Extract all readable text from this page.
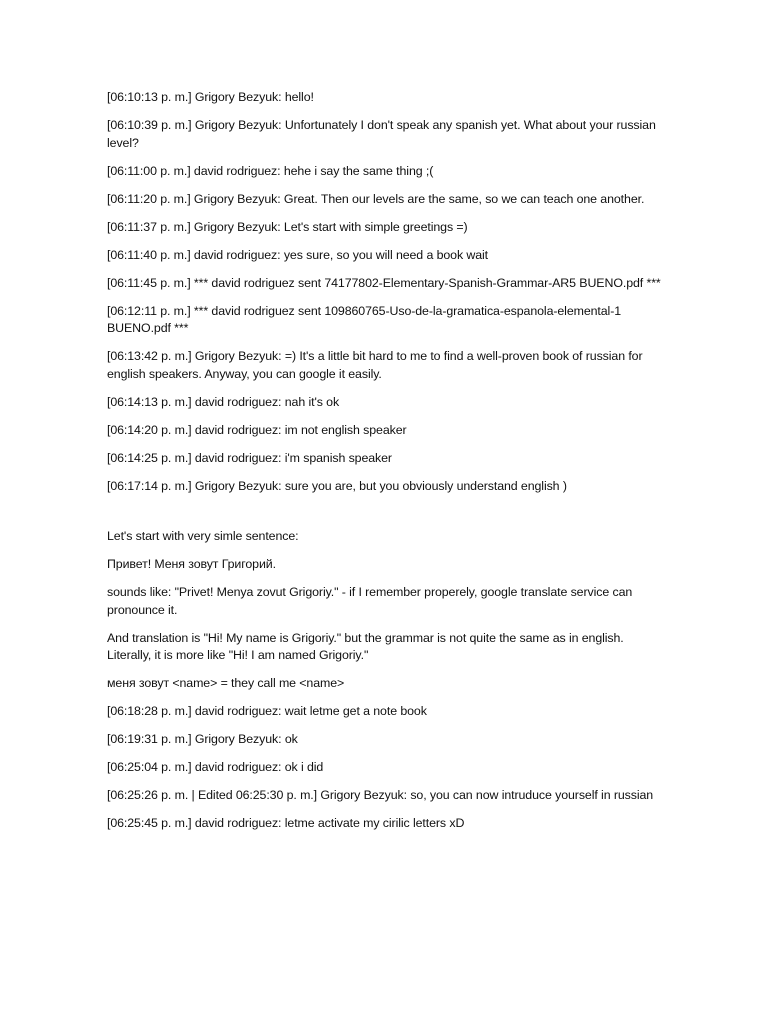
[06:10:13 p. m.] Grigory Bezyuk: hello!

[06:10:39 p. m.] Grigory Bezyuk: Unfortunately I don't speak any spanish yet. What about your russian level?

[06:11:00 p. m.] david rodriguez: hehe i say the same thing ;(

[06:11:20 p. m.] Grigory Bezyuk: Great. Then our levels are the same, so we can teach one another.

[06:11:37 p. m.] Grigory Bezyuk: Let's start with simple greetings =)

[06:11:40 p. m.] david rodriguez: yes sure, so you will need a book wait

[06:11:45 p. m.] *** david rodriguez sent 74177802-Elementary-Spanish-Grammar-AR5 BUENO.pdf ***

[06:12:11 p. m.] *** david rodriguez sent 109860765-Uso-de-la-gramatica-espanola-elemental-1 BUENO.pdf ***

[06:13:42 p. m.] Grigory Bezyuk: =) It's a little bit hard to me to find a well-proven book of russian for english speakers. Anyway, you can google it easily.

[06:14:13 p. m.] david rodriguez: nah it's ok

[06:14:20 p. m.] david rodriguez: im not english speaker

[06:14:25 p. m.] david rodriguez: i'm spanish speaker

[06:17:14 p. m.] Grigory Bezyuk: sure you are, but you obviously understand english )

Let's start with very simle sentence:

Привет! Меня зовут Григорий.

sounds like: "Privet! Menya zovut Grigoriy." - if I remember properely, google translate service can pronounce it.

And translation is "Hi! My name is Grigoriy." but the grammar is not quite the same as in english. Literally, it is more like "Hi! I am named Grigoriy."

меня зовут <name> = they call me <name>

[06:18:28 p. m.] david rodriguez: wait letme get a note book

[06:19:31 p. m.] Grigory Bezyuk: ok

[06:25:04 p. m.] david rodriguez: ok i did

[06:25:26 p. m. | Edited 06:25:30 p. m.] Grigory Bezyuk: so, you can now intruduce yourself in russian

[06:25:45 p. m.] david rodriguez: letme activate my cirilic letters xD
